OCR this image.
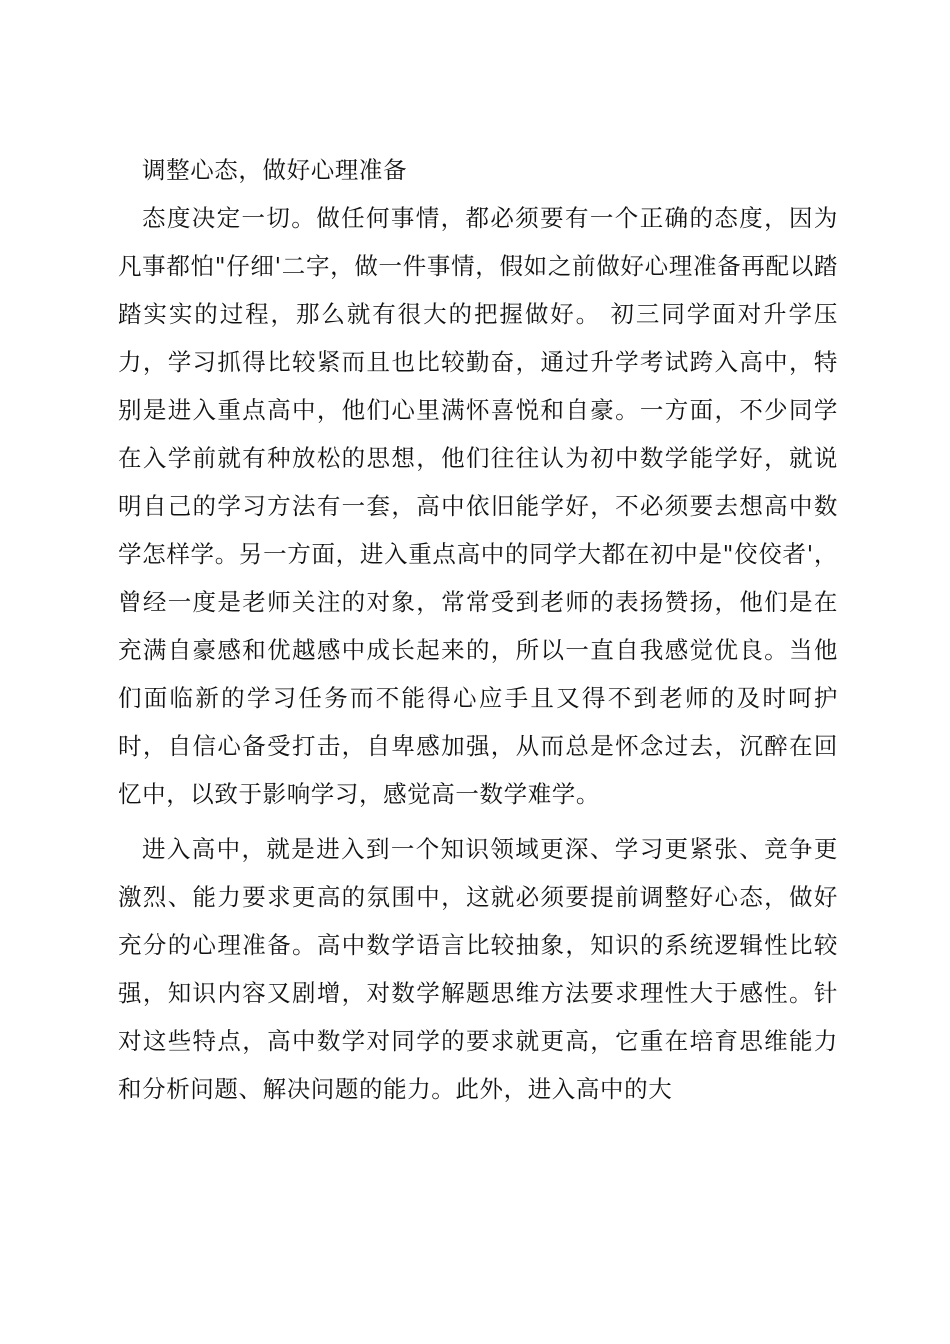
调整心态，做好心理准备

态度决定一切。做任何事情，都必须要有一个正确的态度，因为凡事都怕"仔细'二字，做一件事情，假如之前做好心理准备再配以踏踏实实的过程，那么就有很大的把握做好。 初三同学面对升学压力，学习抓得比较紧而且也比较勤奋，通过升学考试跨入高中，特别是进入重点高中，他们心里满怀喜悦和自豪。一方面，不少同学在入学前就有种放松的思想，他们往往认为初中数学能学好，就说明自己的学习方法有一套，高中依旧能学好，不必须要去想高中数学怎样学。另一方面，进入重点高中的同学大都在初中是"佼佼者'，曾经一度是老师关注的对象，常常受到老师的表扬赞扬，他们是在充满自豪感和优越感中成长起来的，所以一直自我感觉优良。当他们面临新的学习任务而不能得心应手且又得不到老师的及时呵护时，自信心备受打击，自卑感加强，从而总是怀念过去，沉醉在回忆中，以致于影响学习，感觉高一数学难学。

进入高中，就是进入到一个知识领域更深、学习更紧张、竞争更激烈、能力要求更高的氛围中，这就必须要提前调整好心态，做好充分的心理准备。高中数学语言比较抽象，知识的系统逻辑性比较强，知识内容又剧增，对数学解题思维方法要求理性大于感性。针对这些特点，高中数学对同学的要求就更高，它重在培育思维能力和分析问题、解决问题的能力。此外，进入高中的大
